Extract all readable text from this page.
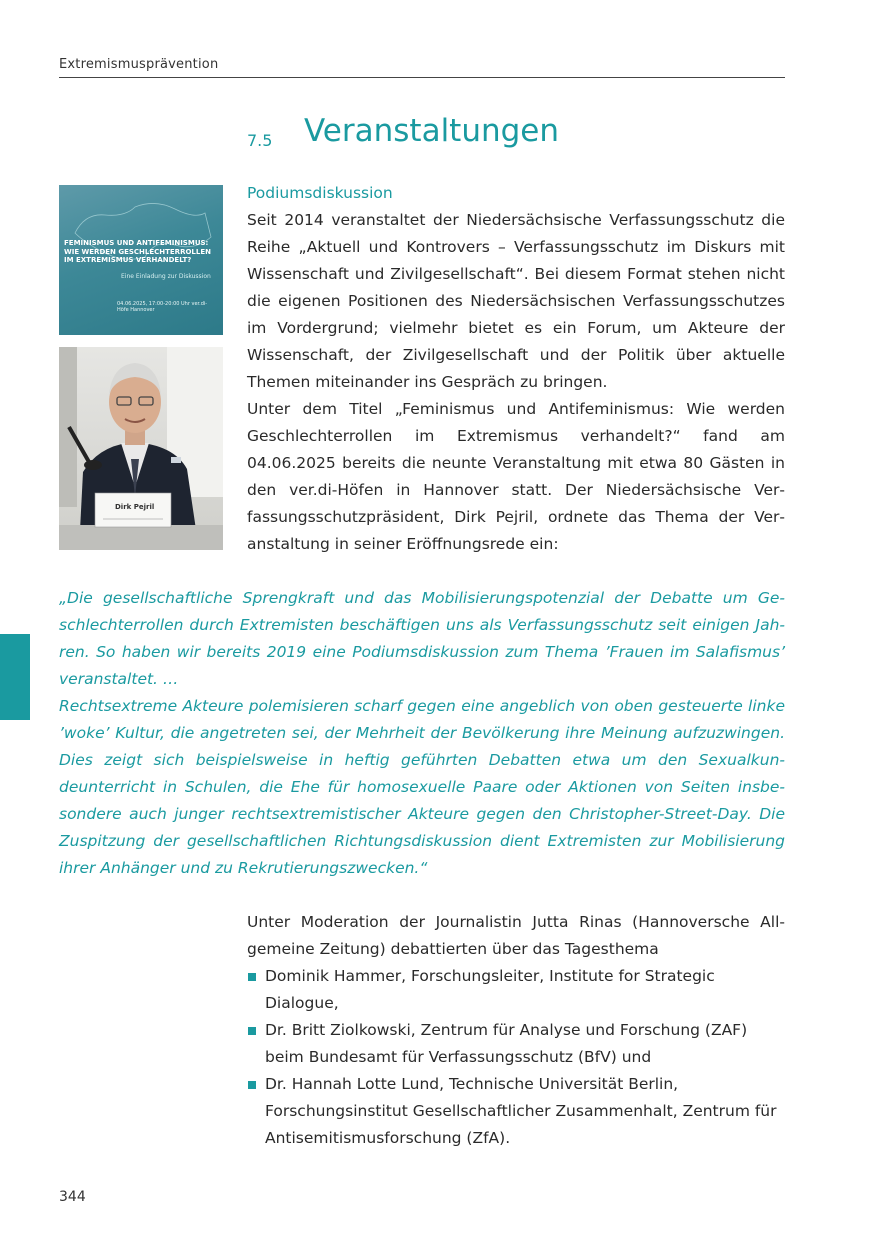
Extremismusprävention
7.5 Veranstaltungen
FEMINISMUS UND ANTIFEMINISMUS: WIE WERDEN GESCHLECHTERROLLEN IM EXTREMISMUS VERHANDELT?
Eine Einladung zur Diskussion
04.06.2025, 17:00-20:00 Uhr ver.di-Höfe Hannover
Dirk Pejril
Podiumsdiskussion

Seit 2014 veranstaltet der Niedersächsische Verfassungsschutz die Reihe „Aktuell und Kontrovers – Verfassungsschutz im Diskurs mit Wissenschaft und Zivilgesellschaft“. Bei diesem Format stehen nicht die eigenen Positionen des Niedersächsischen Verfassungsschutzes im Vordergrund; vielmehr bietet es ein Forum, um Akteure der Wissenschaft, der Zivilgesellschaft und der Politik über aktuelle Themen miteinander ins Gespräch zu bringen.

Unter dem Titel „Feminismus und Antifeminismus: Wie werden Geschlechterrollen im Extremismus verhandelt?“ fand am 04.06.2025 bereits die neunte Veranstaltung mit etwa 80 Gästen in den ver.di-Höfen in Hannover statt. Der Niedersächsische Verfassungsschutzpräsident, Dirk Pejril, ordnete das Thema der Veranstaltung in seiner Eröffnungsrede ein:

„Die gesellschaftliche Sprengkraft und das Mobilisierungspotenzial der Debatte um Geschlechterrollen durch Extremisten beschäftigen uns als Verfassungsschutz seit einigen Jahren. So haben wir bereits 2019 eine Podiumsdiskussion zum Thema ’Frauen im Salafismus’ veranstaltet. …

Rechtsextreme Akteure polemisieren scharf gegen eine angeblich von oben gesteuerte linke ’woke’ Kultur, die angetreten sei, der Mehrheit der Bevölkerung ihre Meinung aufzuzwingen. Dies zeigt sich beispielsweise in heftig geführten Debatten etwa um den Sexualkundeunterricht in Schulen, die Ehe für homosexuelle Paare oder Aktionen von Seiten insbesondere auch junger rechtsextremistischer Akteure gegen den Christopher-Street-Day. Die Zuspitzung der gesellschaftlichen Richtungsdiskussion dient Extremisten zur Mobilisierung ihrer Anhänger und zu Rekrutierungszwecken.“

Unter Moderation der Journalistin Jutta Rinas (Hannoversche Allgemeine Zeitung) debattierten über das Tagesthema

Dominik Hammer, Forschungsleiter, Institute for Strategic Dialogue,
Dr. Britt Ziolkowski, Zentrum für Analyse und Forschung (ZAF) beim Bundesamt für Verfassungsschutz (BfV) und
Dr. Hannah Lotte Lund, Technische Universität Berlin, Forschungsinstitut Gesellschaftlicher Zusammenhalt, Zentrum für Antisemitismusforschung (ZfA).
344
